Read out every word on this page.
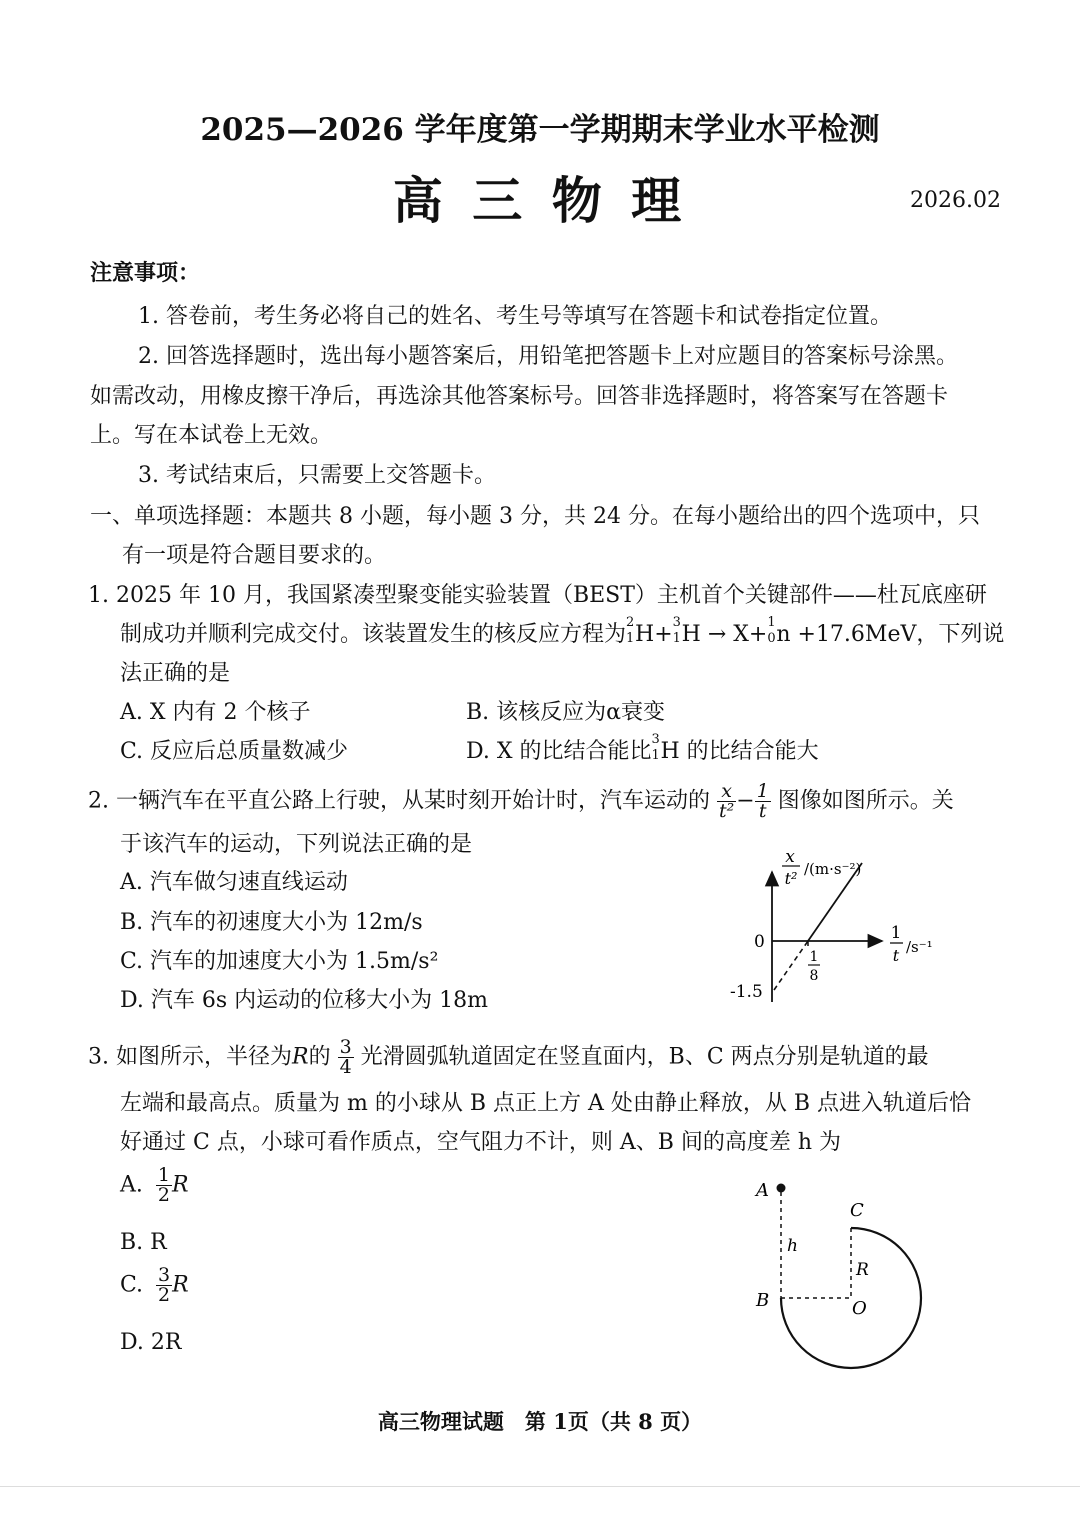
2025—2026 学年度第一学期期末学业水平检测
高 三 物 理	2026.02
注意事项：
1. 答卷前，考生务必将自己的姓名、考生号等填写在答题卡和试卷指定位置。
2. 回答选择题时，选出每小题答案后，用铅笔把答题卡上对应题目的答案标号涂黑。
如需改动，用橡皮擦干净后，再选涂其他答案标号。回答非选择题时，将答案写在答题卡
上。写在本试卷上无效。
3. 考试结束后，只需要上交答题卡。
一、单项选择题：本题共 8 小题，每小题 3 分，共 24 分。在每小题给出的四个选项中，只
有一项是符合题目要求的。
1. 2025 年 10 月，我国紧凑型聚变能实验装置（BEST）主机首个关键部件——杜瓦底座研
制成功并顺利完成交付。该装置发生的核反应方程为 2
1 H+ 3
1 H → X+ 1
0 n +17.6MeV，下列说
法正确的是
A. X 内有 2 个核子	B. 该核反应为α衰变
C. 反应后总质量数减少	D. X 的比结合能比 3
1 H 的比结合能大
2. 一辆汽车在平直公路上行驶，从某时刻开始计时，汽车运动的 $\frac{x}{\text{t²}} - \frac{1}{t}$ 图像如图所示。关
于该汽车的运动，下列说法正确的是
A. 汽车做匀速直线运动
B. 汽车的初速度大小为 12m/s
C. 汽车的加速度大小为 1.5m/s²
D. 汽车 6s 内运动的位移大小为 18m
x
t² /(m·s⁻²)
1
t /s⁻¹
0
-1.5
1
8
3. 如图所示，半径为R的 $\frac{3}{4}$ 光滑圆弧轨道固定在竖直面内，B、C 两点分别是轨道的最
左端和最高点。质量为 m 的小球从 B 点正上方 A 处由静止释放，从 B 点进入轨道后恰
好通过 C 点，小球可看作质点，空气阻力不计，则 A、B 间的高度差 h 为
A. $\frac{1}{2}$ R
B. R
C. $\frac{3}{2}$ R
D. 2R
A
B
C
O
h
R
高三物理试题　第 1页（共 8 页）
